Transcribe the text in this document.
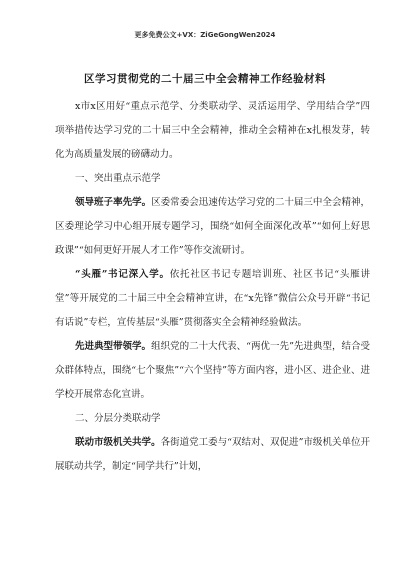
更多免费公文+VX：ZiGeGongWen2024
区学习贯彻党的二十届三中全会精神工作经验材料

x市x区用好“重点示范学、分类联动学、灵活运用学、学用结合学”四项举措传达学习党的二十届三中全会精神，推动全会精神在x扎根发芽，转化为高质量发展的磅礴动力。

一、突出重点示范学

领导班子率先学。区委常委会迅速传达学习党的二十届三中全会精神，区委理论学习中心组开展专题学习，围绕“如何全面深化改革”“如何上好思政课”“如何更好开展人才工作”等作交流研讨。

“头雁”书记深入学。依托社区书记专题培训班、社区书记“头雁讲堂”等开展党的二十届三中全会精神宣讲，在“x先锋”微信公众号开辟“书记有话说”专栏，宣传基层“头雁”贯彻落实全会精神经验做法。

先进典型带领学。组织党的二十大代表、“两优一先”先进典型，结合受众群体特点，围绕“七个聚焦”“六个坚持”等方面内容，进小区、进企业、进学校开展常态化宣讲。

二、分层分类联动学

联动市级机关共学。各街道党工委与“双结对、双促进”市级机关单位开展联动共学，制定“同学共行”计划，
